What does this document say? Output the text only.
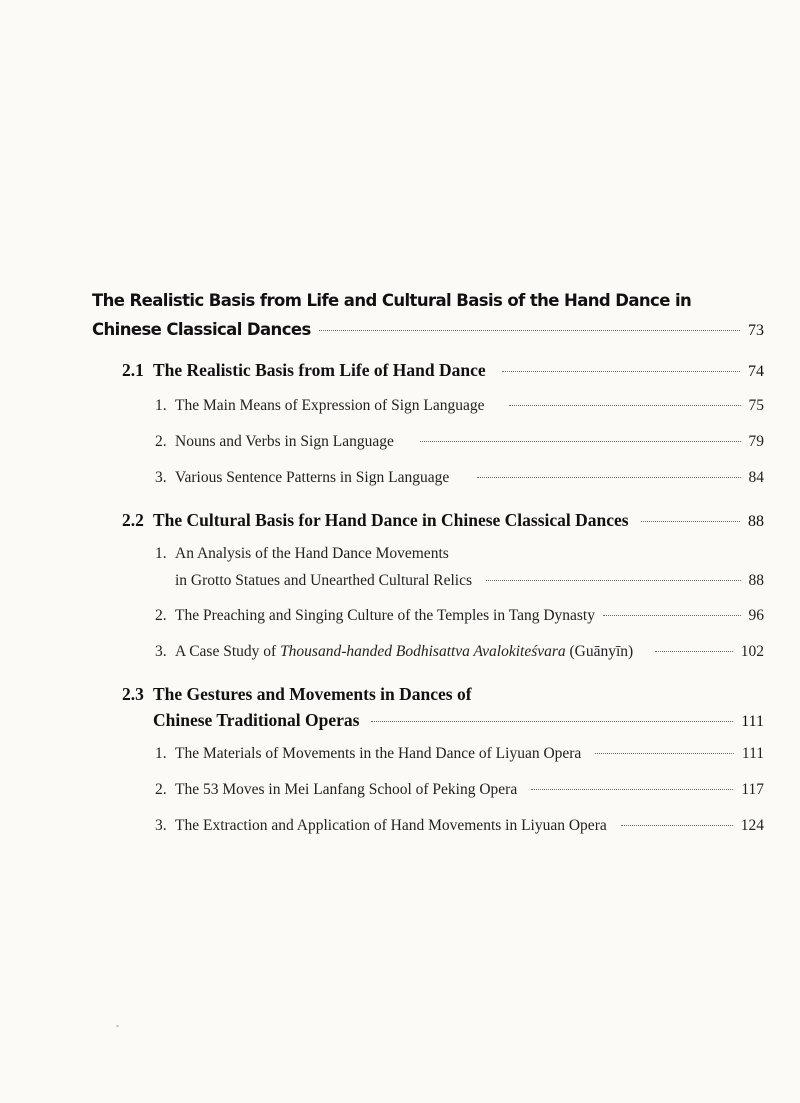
The Realistic Basis from Life and Cultural Basis of the Hand Dance in
Chinese Classical Dances	73
2.1 The Realistic Basis from Life of Hand Dance	74
1. The Main Means of Expression of Sign Language	75
2. Nouns and Verbs in Sign Language	79
3. Various Sentence Patterns in Sign Language	84
2.2 The Cultural Basis for Hand Dance in Chinese Classical Dances	88
1. An Analysis of the Hand Dance Movements
in Grotto Statues and Unearthed Cultural Relics	88
2. The Preaching and Singing Culture of the Temples in Tang Dynasty	96
3. A Case Study of Thousand-handed Bodhisattva Avalokiteśvara (Guānyīn)	102
2.3 The Gestures and Movements in Dances of
Chinese Traditional Operas	111
1. The Materials of Movements in the Hand Dance of Liyuan Opera	111
2. The 53 Moves in Mei Lanfang School of Peking Opera	117
3. The Extraction and Application of Hand Movements in Liyuan Opera	124
